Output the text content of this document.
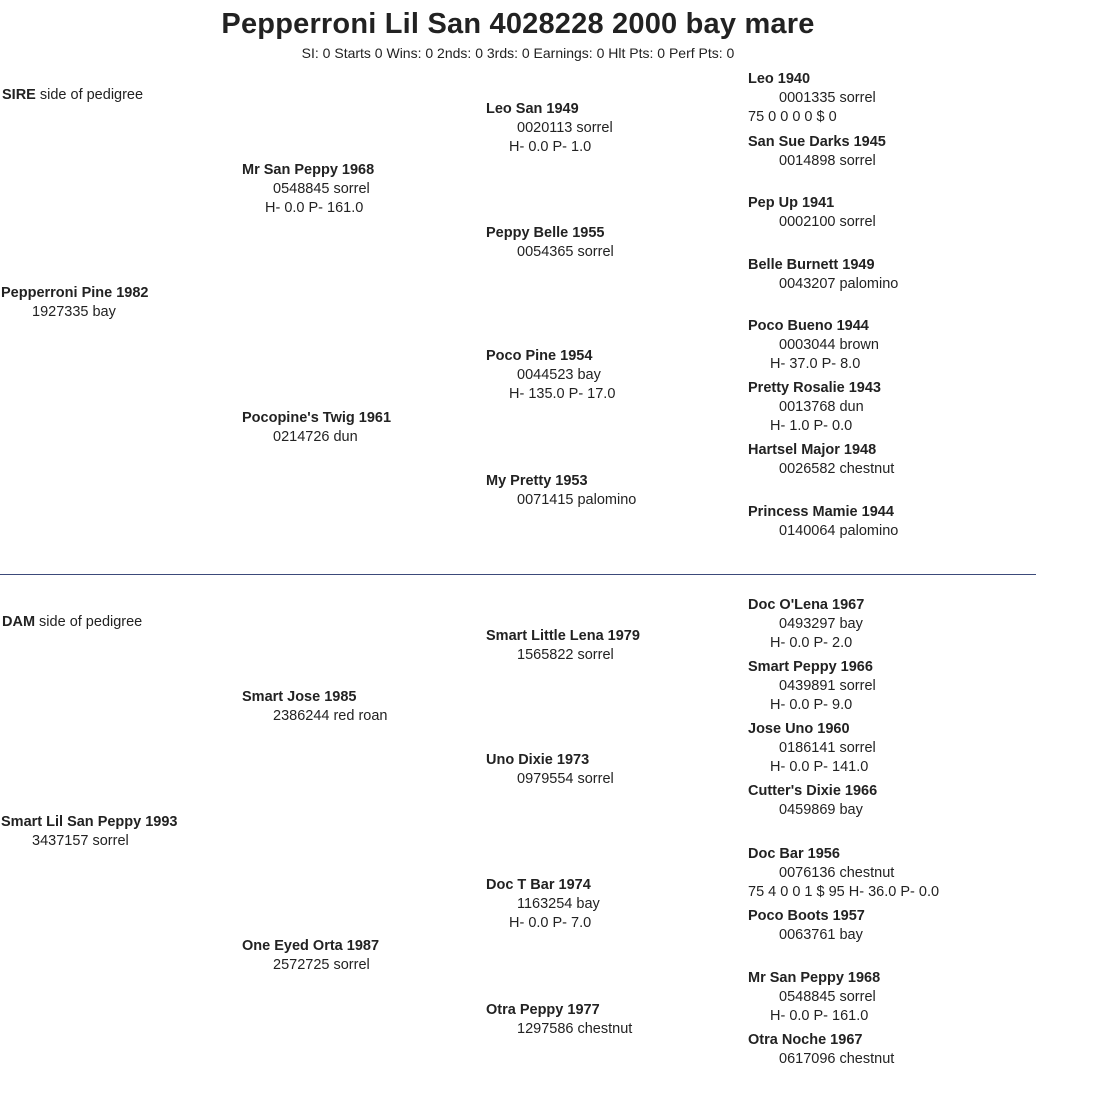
Pepperroni Lil San 4028228 2000 bay mare
SI: 0 Starts 0 Wins: 0 2nds: 0 3rds: 0 Earnings: 0 Hlt Pts: 0 Perf Pts: 0
SIRE side of pedigree
DAM side of pedigree
Pepperroni Pine 1982
1927335 bay
Mr San Peppy 1968
0548845 sorrel
H- 0.0 P- 161.0
Pocopine's Twig 1961
0214726 dun
Leo San 1949
0020113 sorrel
H- 0.0 P- 1.0
Peppy Belle 1955
0054365 sorrel
Poco Pine 1954
0044523 bay
H- 135.0 P- 17.0
My Pretty 1953
0071415 palomino
Leo 1940
0001335 sorrel
75 0 0 0 0 $ 0
San Sue Darks 1945
0014898 sorrel
Pep Up 1941
0002100 sorrel
Belle Burnett 1949
0043207 palomino
Poco Bueno 1944
0003044 brown
H- 37.0 P- 8.0
Pretty Rosalie 1943
0013768 dun
H- 1.0 P- 0.0
Hartsel Major 1948
0026582 chestnut
Princess Mamie 1944
0140064 palomino
Smart Lil San Peppy 1993
3437157 sorrel
Smart Jose 1985
2386244 red roan
One Eyed Orta 1987
2572725 sorrel
Smart Little Lena 1979
1565822 sorrel
Uno Dixie 1973
0979554 sorrel
Doc T Bar 1974
1163254 bay
H- 0.0 P- 7.0
Otra Peppy 1977
1297586 chestnut
Doc O'Lena 1967
0493297 bay
H- 0.0 P- 2.0
Smart Peppy 1966
0439891 sorrel
H- 0.0 P- 9.0
Jose Uno 1960
0186141 sorrel
H- 0.0 P- 141.0
Cutter's Dixie 1966
0459869 bay
Doc Bar 1956
0076136 chestnut
75 4 0 0 1 $ 95 H- 36.0 P- 0.0
Poco Boots 1957
0063761 bay
Mr San Peppy 1968
0548845 sorrel
H- 0.0 P- 161.0
Otra Noche 1967
0617096 chestnut
